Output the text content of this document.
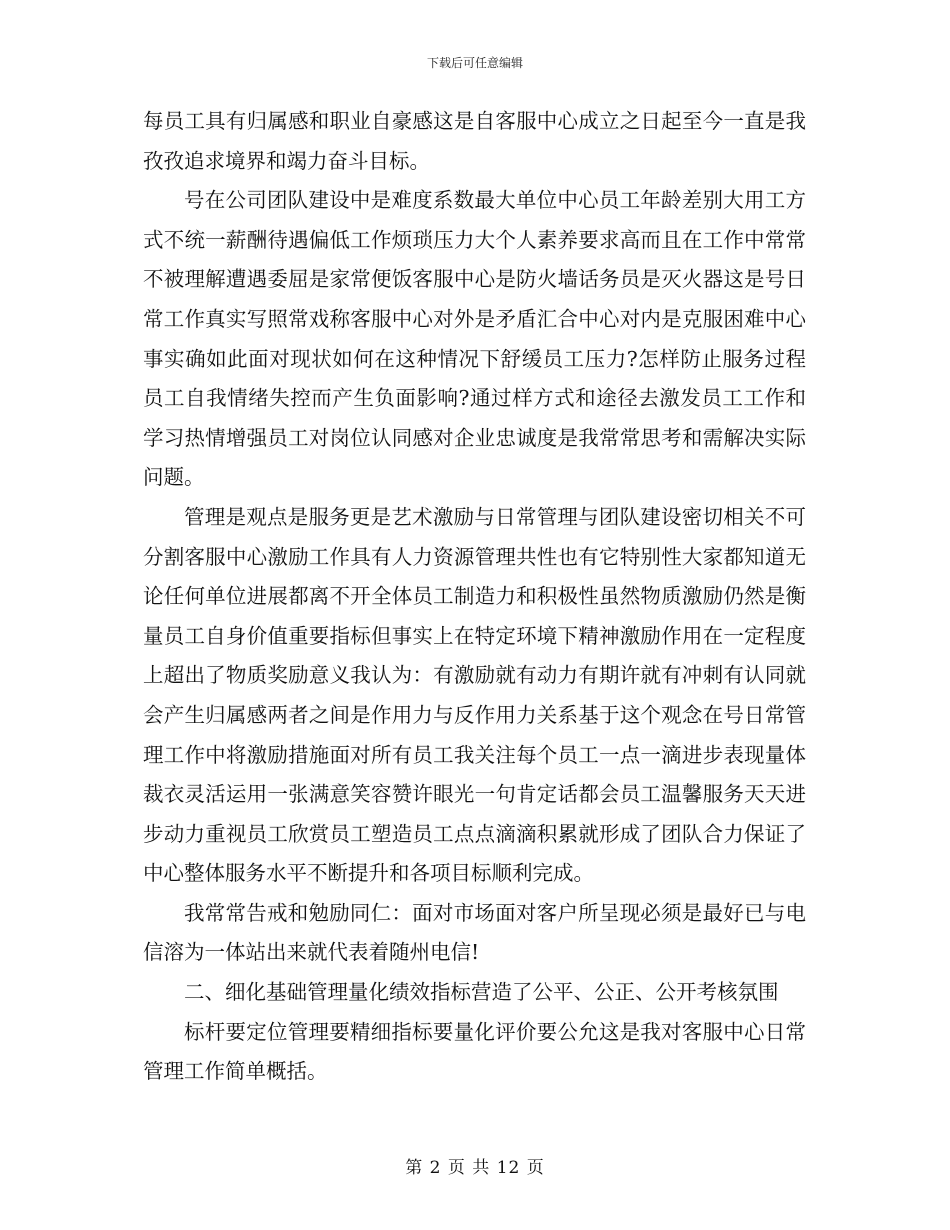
下载后可任意编辑

每员工具有归属感和职业自豪感这是自客服中心成立之日起至今一直是我孜孜追求境界和竭力奋斗目标。

号在公司团队建设中是难度系数最大单位中心员工年龄差别大用工方式不统一薪酬待遇偏低工作烦琐压力大个人素养要求高而且在工作中常常不被理解遭遇委屈是家常便饭客服中心是防火墙话务员是灭火器这是号日常工作真实写照常戏称客服中心对外是矛盾汇合中心对内是克服困难中心事实确如此面对现状如何在这种情况下舒缓员工压力?怎样防止服务过程员工自我情绪失控而产生负面影响?通过样方式和途径去激发员工工作和学习热情增强员工对岗位认同感对企业忠诚度是我常常思考和需解决实际问题。

管理是观点是服务更是艺术激励与日常管理与团队建设密切相关不可分割客服中心激励工作具有人力资源管理共性也有它特别性大家都知道无论任何单位进展都离不开全体员工制造力和积极性虽然物质激励仍然是衡量员工自身价值重要指标但事实上在特定环境下精神激励作用在一定程度上超出了物质奖励意义我认为：有激励就有动力有期许就有冲刺有认同就会产生归属感两者之间是作用力与反作用力关系基于这个观念在号日常管理工作中将激励措施面对所有员工我关注每个员工一点一滴进步表现量体裁衣灵活运用一张满意笑容赞许眼光一句肯定话都会员工温馨服务天天进步动力重视员工欣赏员工塑造员工点点滴滴积累就形成了团队合力保证了中心整体服务水平不断提升和各项目标顺利完成。

我常常告戒和勉励同仁：面对市场面对客户所呈现必须是最好已与电信溶为一体站出来就代表着随州电信!

二、细化基础管理量化绩效指标营造了公平、公正、公开考核氛围

标杆要定位管理要精细指标要量化评价要公允这是我对客服中心日常管理工作简单概括。

第 2 页 共 12 页
